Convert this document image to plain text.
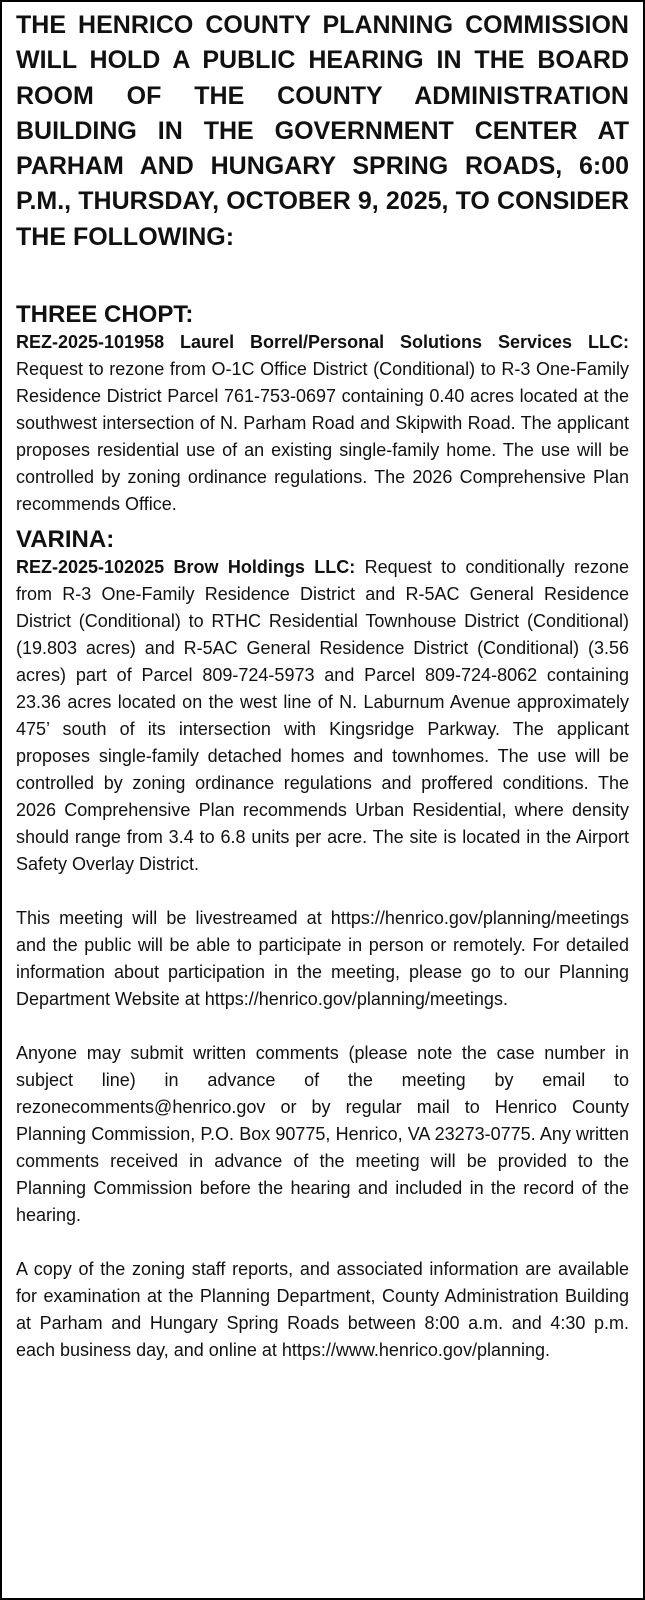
THE HENRICO COUNTY PLANNING COMMISSION WILL HOLD A PUBLIC HEARING IN THE BOARD ROOM OF THE COUNTY ADMINISTRATION BUILDING IN THE GOVERNMENT CENTER AT PARHAM AND HUNGARY SPRING ROADS, 6:00 P.M., THURSDAY, OCTOBER 9, 2025, TO CONSIDER THE FOLLOWING:

THREE CHOPT:

REZ-2025-101958 Laurel Borrel/Personal Solutions Services LLC: Request to rezone from O-1C Office District (Conditional) to R-3 One-Family Residence District Parcel 761-753-0697 containing 0.40 acres located at the southwest intersection of N. Parham Road and Skipwith Road. The applicant proposes residential use of an existing single-family home. The use will be controlled by zoning ordinance regulations. The 2026 Comprehensive Plan recommends Office.

VARINA:

REZ-2025-102025 Brow Holdings LLC: Request to conditionally rezone from R-3 One-Family Residence District and R-5AC General Residence District (Conditional) to RTHC Residential Townhouse District (Conditional) (19.803 acres) and R-5AC General Residence District (Conditional) (3.56 acres) part of Parcel 809-724-5973 and Parcel 809-724-8062 containing 23.36 acres located on the west line of N. Laburnum Avenue approximately 475’ south of its intersection with Kingsridge Parkway. The applicant proposes single-family detached homes and townhomes. The use will be controlled by zoning ordinance regulations and proffered conditions. The 2026 Comprehensive Plan recommends Urban Residential, where density should range from 3.4 to 6.8 units per acre. The site is located in the Airport Safety Overlay District.

This meeting will be livestreamed at https://henrico.gov/planning/meetings and the public will be able to participate in person or remotely. For detailed information about participation in the meeting, please go to our Planning Department Website at https://henrico.gov/planning/meetings.

Anyone may submit written comments (please note the case number in subject line) in advance of the meeting by email to rezonecomments@henrico.gov or by regular mail to Henrico County Planning Commission, P.O. Box 90775, Henrico, VA 23273-0775. Any written comments received in advance of the meeting will be provided to the Planning Commission before the hearing and included in the record of the hearing.

A copy of the zoning staff reports, and associated information are available for examination at the Planning Department, County Administration Building at Parham and Hungary Spring Roads between 8:00 a.m. and 4:30 p.m. each business day, and online at https://www.henrico.gov/planning.
